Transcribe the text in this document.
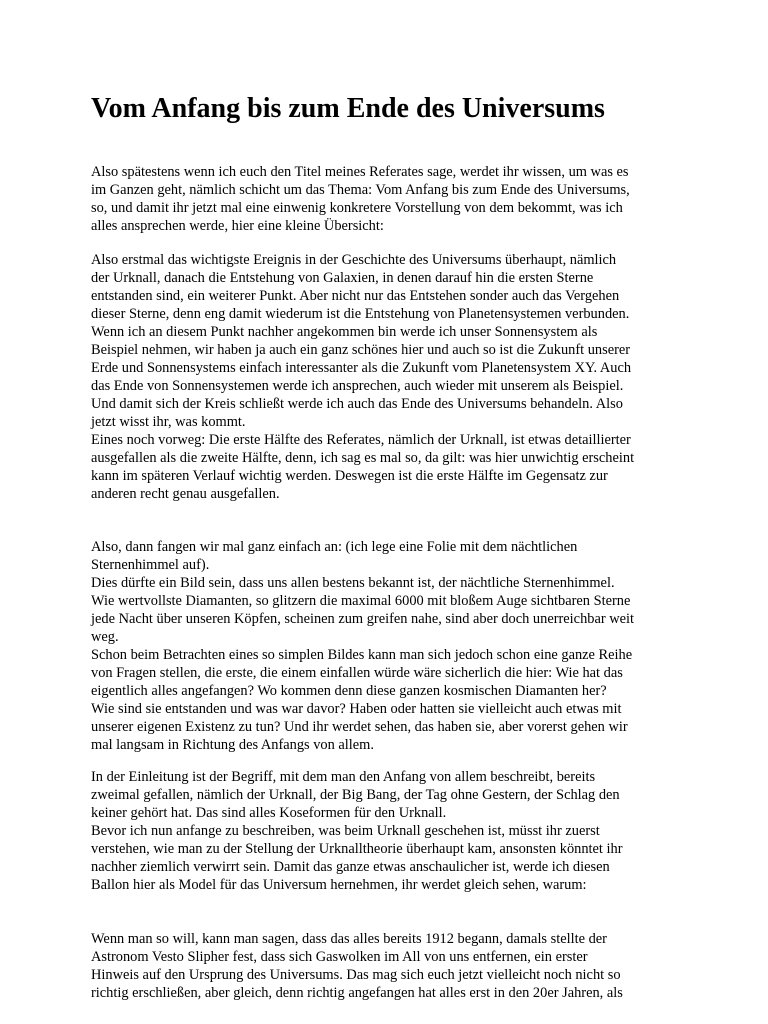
Vom Anfang bis zum Ende des Universums
Also spätestens wenn ich euch den Titel meines Referates sage, werdet ihr wissen, um was es
im Ganzen geht, nämlich schicht um das Thema: Vom Anfang bis zum Ende des Universums,
so, und damit ihr jetzt mal eine einwenig konkretere Vorstellung von dem bekommt, was ich
alles ansprechen werde, hier eine kleine Übersicht:
Also erstmal das wichtigste Ereignis in der Geschichte des Universums überhaupt, nämlich
der Urknall, danach die Entstehung von Galaxien, in denen darauf hin die ersten Sterne
entstanden sind, ein weiterer Punkt. Aber nicht nur das Entstehen sonder auch das Vergehen
dieser Sterne, denn eng damit wiederum ist die Entstehung von Planetensystemen verbunden.
Wenn ich an diesem Punkt nachher angekommen bin werde ich unser Sonnensystem als
Beispiel nehmen, wir haben ja auch ein ganz schönes hier und auch so ist die Zukunft unserer
Erde und Sonnensystems einfach interessanter als die Zukunft vom Planetensystem XY. Auch
das Ende von Sonnensystemen werde ich ansprechen, auch wieder mit unserem als Beispiel.
Und damit sich der Kreis schließt werde ich auch das Ende des Universums behandeln. Also
jetzt wisst ihr, was kommt.
Eines noch vorweg: Die erste Hälfte des Referates, nämlich der Urknall, ist etwas detaillierter
ausgefallen als die zweite Hälfte, denn, ich sag es mal so, da gilt: was hier unwichtig erscheint
kann im späteren Verlauf wichtig werden. Deswegen ist die erste Hälfte im Gegensatz zur
anderen recht genau ausgefallen.
Also, dann fangen wir mal ganz einfach an: (ich lege eine Folie mit dem nächtlichen
Sternenhimmel auf).
Dies dürfte ein Bild sein, dass uns allen bestens bekannt ist, der nächtliche Sternenhimmel.
Wie wertvollste Diamanten, so glitzern die maximal 6000 mit bloßem Auge sichtbaren Sterne
jede Nacht über unseren Köpfen, scheinen zum greifen nahe, sind aber doch unerreichbar weit
weg.
Schon beim Betrachten eines so simplen Bildes kann man sich jedoch schon eine ganze Reihe
von Fragen stellen, die erste, die einem einfallen würde wäre sicherlich die hier: Wie hat das
eigentlich alles angefangen? Wo kommen denn diese ganzen kosmischen Diamanten her?
Wie sind sie entstanden und was war davor? Haben oder hatten sie vielleicht auch etwas mit
unserer eigenen Existenz zu tun? Und ihr werdet sehen, das haben sie, aber vorerst gehen wir
mal langsam in Richtung des Anfangs von allem.
In der Einleitung ist der Begriff, mit dem man den Anfang von allem beschreibt, bereits
zweimal gefallen, nämlich der Urknall, der Big Bang, der Tag ohne Gestern, der Schlag den
keiner gehört hat. Das sind alles Koseformen für den Urknall.
Bevor ich nun anfange zu beschreiben, was beim Urknall geschehen ist, müsst ihr zuerst
verstehen, wie man zu der Stellung der Urknalltheorie überhaupt kam, ansonsten könntet ihr
nachher ziemlich verwirrt sein. Damit das ganze etwas anschaulicher ist, werde ich diesen
Ballon hier als Model für das Universum hernehmen, ihr werdet gleich sehen, warum:
Wenn man so will, kann man sagen, dass das alles bereits 1912 begann, damals stellte der
Astronom Vesto Slipher fest, dass sich Gaswolken im All von uns entfernen, ein erster
Hinweis auf den Ursprung des Universums. Das mag sich euch jetzt vielleicht noch nicht so
richtig erschließen, aber gleich, denn richtig angefangen hat alles erst in den 20er Jahren, als
